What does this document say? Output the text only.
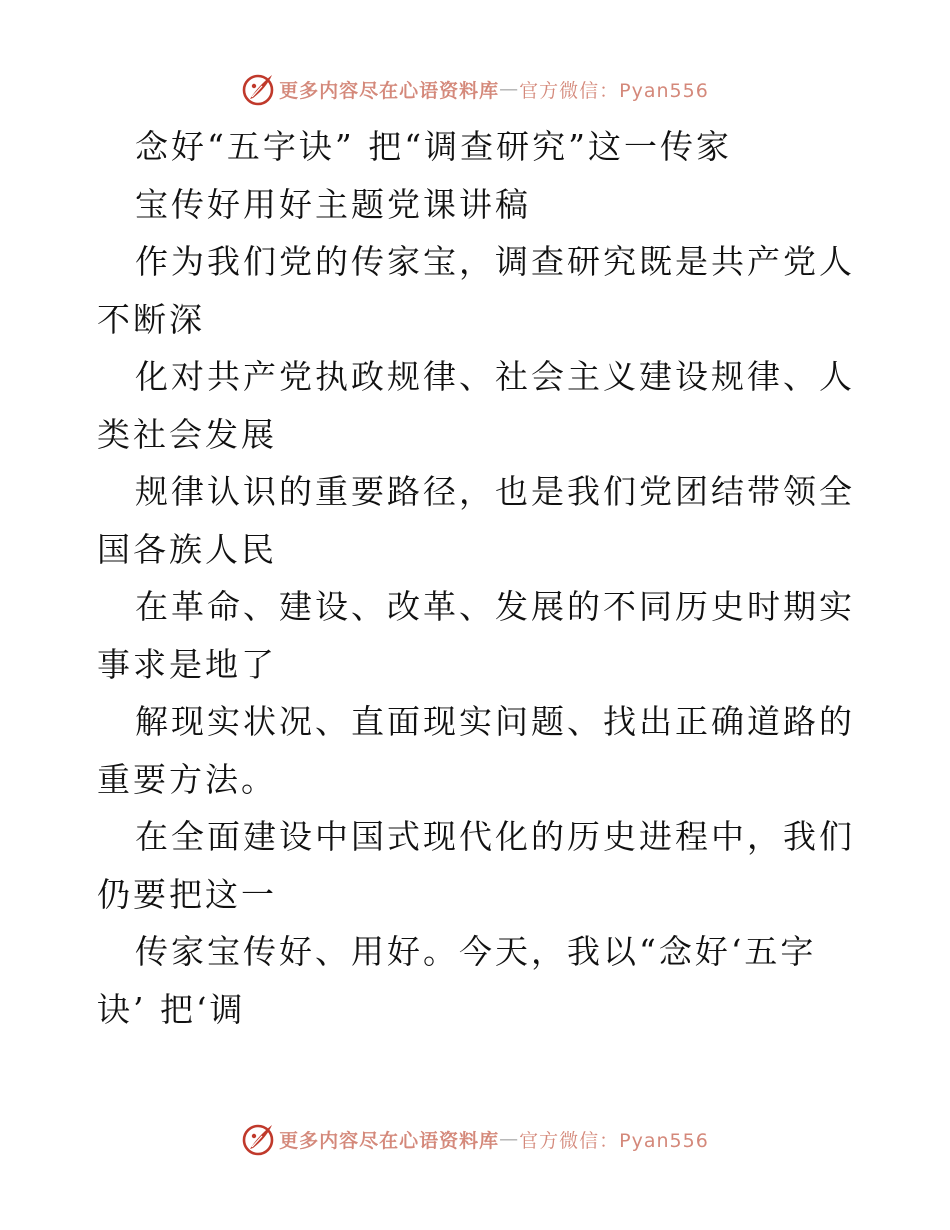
更多内容尽在心语资料库 — 官方微信：Pyan556

念好“五字诀” 把“调查研究”这一传家

宝传好用好主题党课讲稿

作为我们党的传家宝，调查研究既是共产党人不断深

化对共产党执政规律、社会主义建设规律、人类社会发展

规律认识的重要路径，也是我们党团结带领全国各族人民

在革命、建设、改革、发展的不同历史时期实事求是地了

解现实状况、直面现实问题、找出正确道路的重要方法。

在全面建设中国式现代化的历史进程中，我们仍要把这一

传家宝传好、用好。今天，我以“念好‘五字诀’ 把‘调

更多内容尽在心语资料库 — 官方微信：Pyan556
